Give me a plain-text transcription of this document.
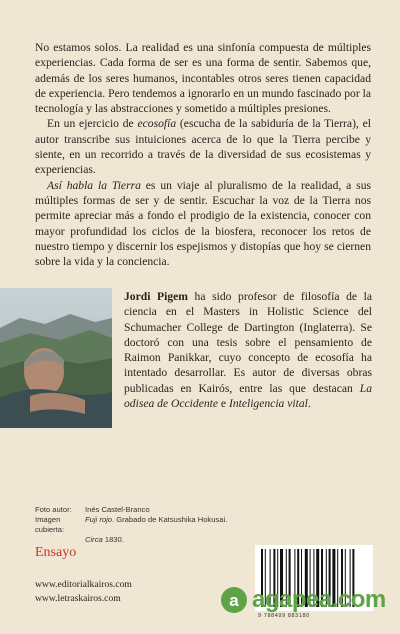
No estamos solos. La realidad es una sinfonía compuesta de múltiples experiencias. Cada forma de ser es una forma de sentir. Sabemos que, además de los seres humanos, incontables otros seres tienen capacidad de experiencia. Pero tendemos a ignorarlo en un mundo fascinado por la tecnología y las abstracciones y sometido a múltiples presiones.

En un ejercicio de ecosofía (escucha de la sabiduría de la Tierra), el autor transcribe sus intuiciones acerca de lo que la Tierra percibe y siente, en un recorrido a través de la diversidad de sus ecosistemas y experiencias.

Así habla la Tierra es un viaje al pluralismo de la realidad, a sus múltiples formas de ser y de sentir. Escuchar la voz de la Tierra nos permite apreciar más a fondo el prodigio de la existencia, conocer con mayor profundidad los ciclos de la biosfera, reconocer los retos de nuestro tiempo y discernir los espejismos y distopías que hoy se ciernen sobre la vida y la conciencia.

Jordi Pigem ha sido profesor de filosofía de la ciencia en el Masters in Holistic Science del Schumacher College de Dartington (Inglaterra). Se doctoró con una tesis sobre el pensamiento de Raimon Panikkar, cuyo concepto de ecosofía ha intentado desarrollar. Es autor de diversas obras publicadas en Kairós, entre las que destacan La odisea de Occidente e Inteligencia vital.
Foto autor:	Inés Castel-Branco
Imagen cubierta:
Fuji rojo. Grabado de Katsushika Hokusai.
Circa 1830.
Ensayo
www.editorialkairos.com
www.letraskairos.com
9 788499 883180
a agapea.com
